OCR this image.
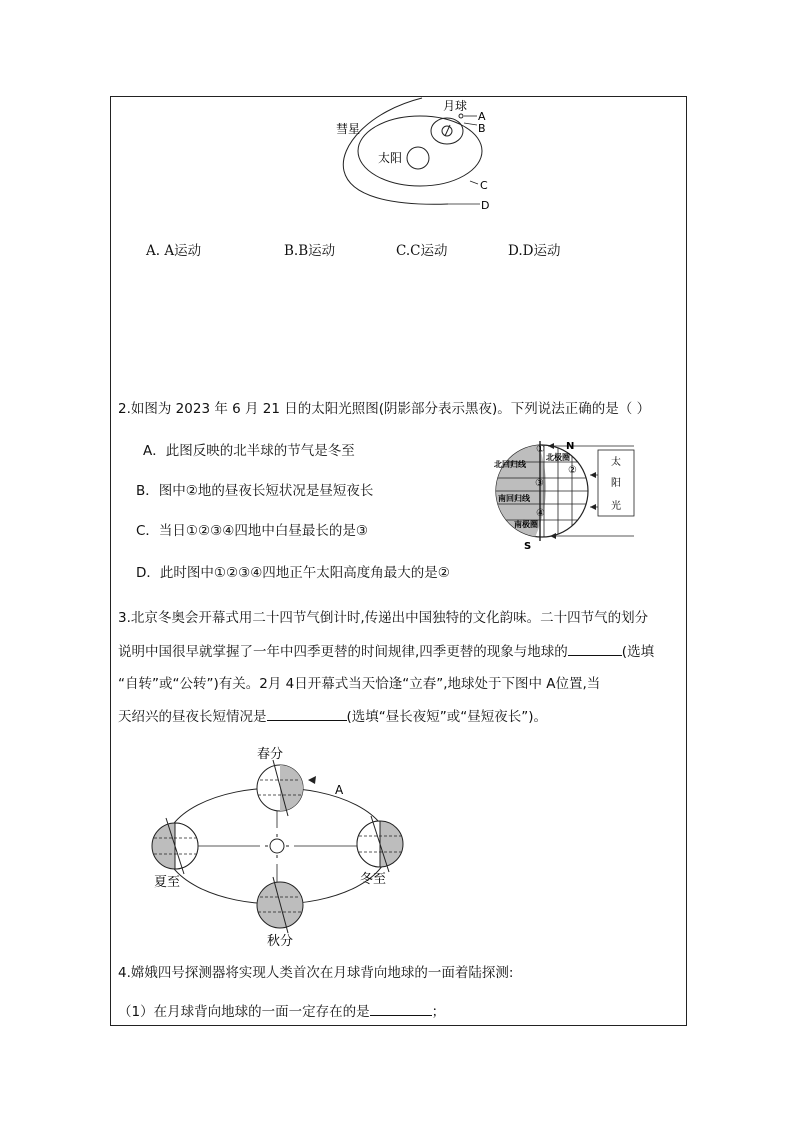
月球
彗星
太阳
A
B
C
D
A. A运动	B.B运动	C.C运动	D.D运动
2.如图为 2023 年 6 月 21 日的太阳光照图(阴影部分表示黑夜)。下列说法正确的是（ ）
A．此图反映的北半球的节气是冬至
B．图中②地的昼夜长短状况是昼短夜长
C．当日①②③④四地中白昼最长的是③
D．此时图中①②③④四地正午太阳高度角最大的是②
太
阳
光
N
S
北回归线
北极圈
南回归线
南极圈
①
②
③
④
3.北京冬奥会开幕式用二十四节气倒计时,传递出中国独特的文化韵味。二十四节气的划分
说明中国很早就掌握了一年中四季更替的时间规律,四季更替的现象与地球的	(选填
“自转”或“公转”)有关。2月 4日开幕式当天恰逢“立春”,地球处于下图中 A位置,当
天绍兴的昼夜长短情况是	(选填“昼长夜短”或“昼短夜长”)。
A
春分
夏至	冬至
秋分
4.嫦娥四号探测器将实现人类首次在月球背向地球的一面着陆探测:
（1）在月球背向地球的一面一定存在的是	；
